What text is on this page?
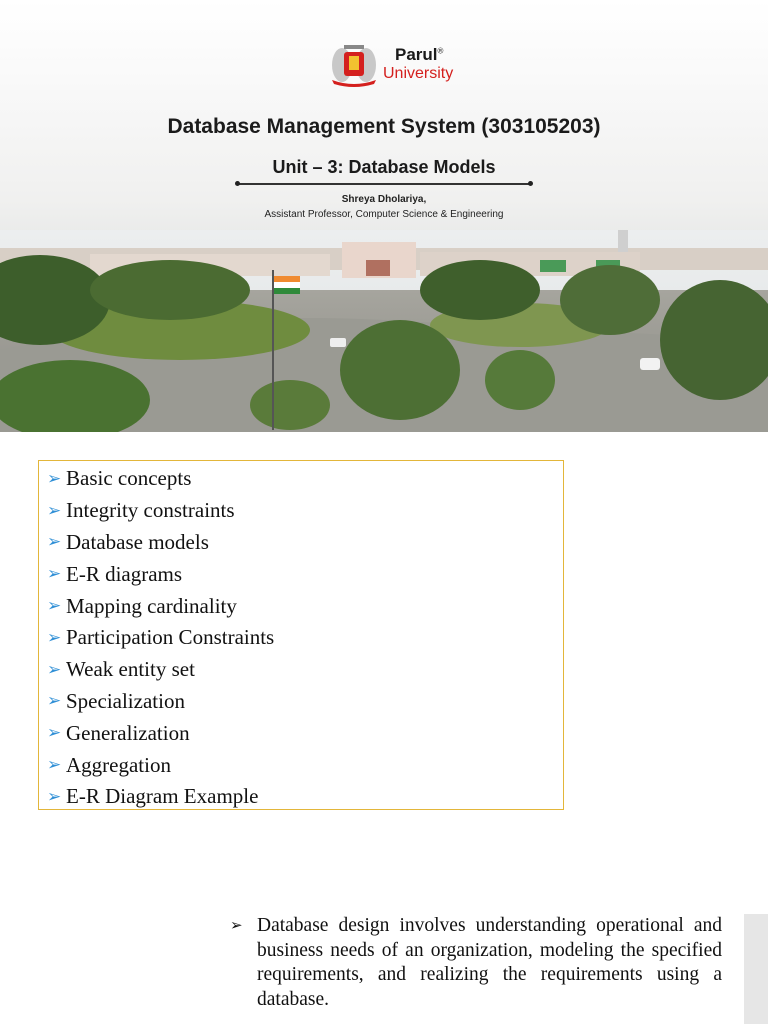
Parul®
University
Database Management System (303105203)
Unit – 3: Database Models
Shreya Dholariya,
Assistant Professor, Computer Science & Engineering
➢ Basic concepts
➢ Integrity constraints
➢ Database models
➢ E-R diagrams
➢ Mapping cardinality
➢ Participation Constraints
➢ Weak entity set
➢ Specialization
➢ Generalization
➢ Aggregation
➢ E-R Diagram Example
➢ Database design involves understanding operational and business needs of an organization, modeling the specified requirements, and realizing the requirements using a database.
